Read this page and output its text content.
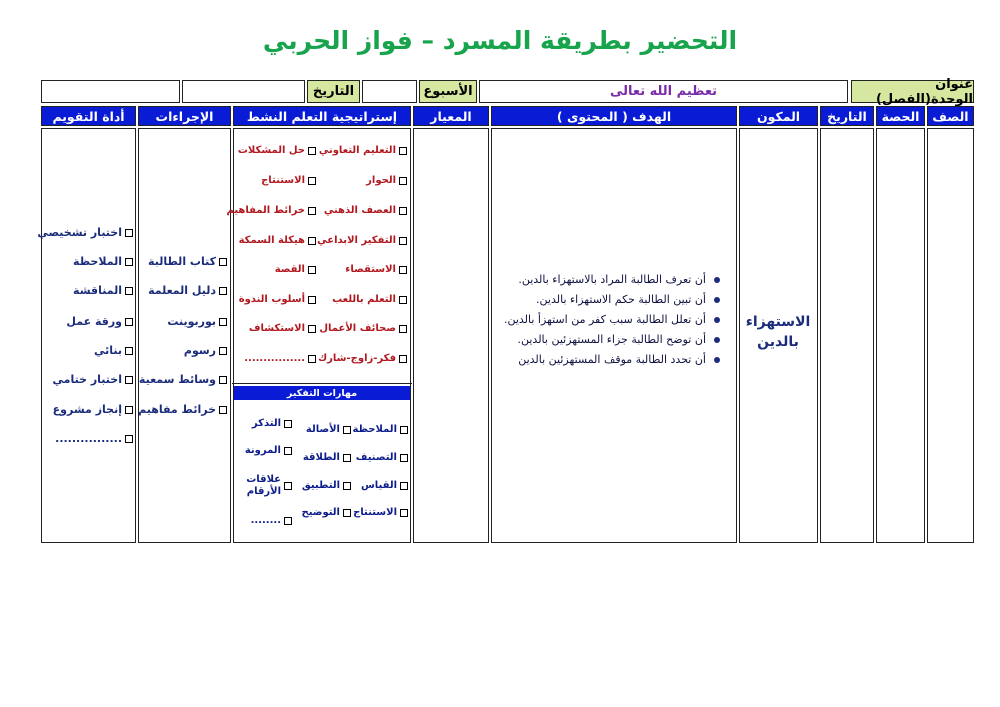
التحضير بطريقة المسرد – فواز الحربي
عنوان الوحدة(الفصل)
تعظيم الله تعالى
الأسبوع
التاريخ
الصف
الحصة
التاريخ
المكون
الهدف ( المحتوى )
المعيار
إستراتيجية التعلم النشط
الإجراءات
أداة التقويم
الاستهزاء بالدين
أن تعرف الطالبة المراد بالاستهزاء بالدين.
أن تبين الطالبة حكم الاستهزاء بالدين.
أن تعلل الطالبة سبب كفر من استهزأ بالدين.
أن توضح الطالبة جزاء المستهزئين بالدين.
أن تحدد الطالبة موقف المستهزئين بالدين
التعليم التعاوني
الحوار
العصف الذهني
التفكير الابداعي
الاستقصاء
التعلم باللعب
صحائف الأعمال
فكر-زاوج-شارك
حل المشكلات
الاستنتاج
خرائط المفاهيم
هيكلة السمكة
القصة
أسلوب الندوة
الاستكشاف
................
مهارات التفكير
الملاحظة
التصنيف
القياس
الاستنتاج
الأصالة
الطلاقة
التطبيق
التوضيح
التذكر
المرونة
علاقات الأرقام
........
كتاب الطالبة
دليل المعلمة
بوربوينت
رسوم
وسائط سمعية
خرائط مفاهيم
اختبار تشخيصي
الملاحظة
المناقشة
ورقة عمل
بنائي
اختبار ختامي
إنجاز مشروع
................
